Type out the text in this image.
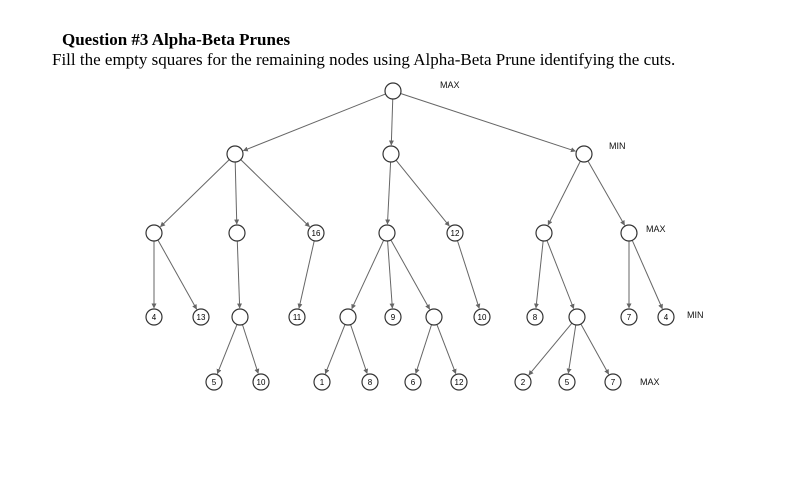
Question #3 Alpha-Beta Prunes
Fill the empty squares for the remaining nodes using Alpha-Beta Prune identifying the cuts.
MAX
MIN
MAX
MIN
MAX
4	13
5	10
16
11
1	8
9
6	12
12
10	8
2	5	7
7	4
